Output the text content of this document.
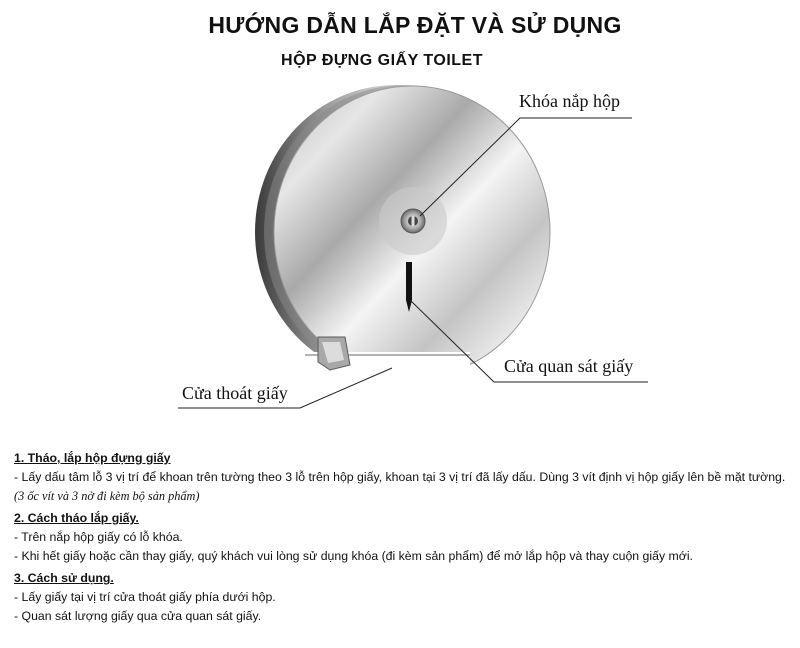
HƯỚNG DẪN LẮP ĐẶT VÀ SỬ DỤNG
HỘP ĐỰNG GIẤY TOILET
Khóa nắp hộp
Cửa quan sát giấy
Cửa thoát giấy
1. Tháo, lắp hộp đựng giấy
- Lấy dấu tâm lỗ 3 vị trí để khoan trên tường theo 3 lỗ trên hộp giấy, khoan tại 3 vị trí đã lấy dấu. Dùng 3 vít định vị hộp giấy lên bề mặt tường.(3 ốc vít và 3 nở đi kèm bộ sản phẩm)
2. Cách tháo lắp giấy.
- Trên nắp hộp giấy có lỗ khóa.
- Khi hết giấy hoặc cần thay giấy, quý khách vui lòng sử dụng khóa (đi kèm sản phẩm) để mở lắp hộp và thay cuộn giấy mới.
3. Cách sử dụng.
- Lấy giấy tại vị trí cửa thoát giấy phía dưới hộp.
- Quan sát lượng giấy qua cửa quan sát giấy.
